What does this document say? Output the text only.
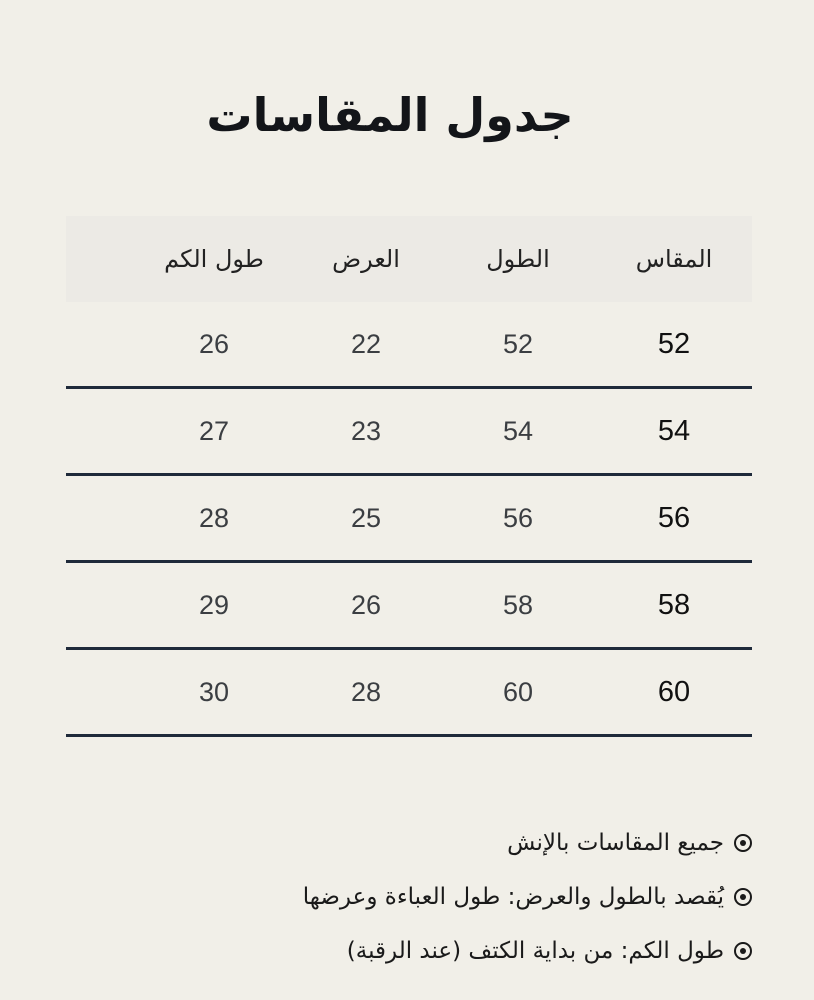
جدول المقاسات
المقاس
الطول
العرض
طول الكم
52
52
22
26
54
54
23
27
56
56
25
28
58
58
26
29
60
60
28
30
جميع المقاسات بالإنش
يُقصد بالطول والعرض: طول العباءة وعرضها
طول الكم: من بداية الكتف (عند الرقبة)
